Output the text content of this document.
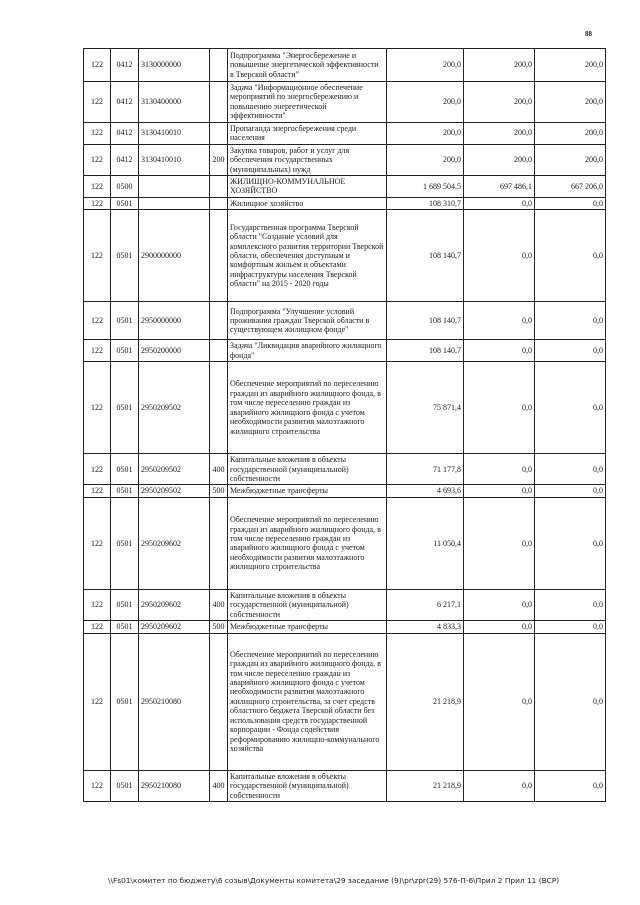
88
122	0412	3130000000		Подпрограмма "Энергосбережение и повышение энергетической эффективности в Тверской области"	200,0	200,0	200,0
122	0412	3130400000		Задача "Информационное обеспечение мероприятий по энергосбережению и повышению энергетической эффективности"	200,0	200,0	200,0
122	0412	3130410010		Пропаганда энергосбережения среди населения	200,0	200,0	200,0
122	0412	3130410010	200	Закупка товаров, работ и услуг для обеспечения государственных (муниципальных) нужд	200,0	200,0	200,0
122	0500			ЖИЛИЩНО-КОММУНАЛЬНОЕ ХОЗЯЙСТВО	1 689 504,5	697 486,1	667 206,0
122	0501			Жилищное хозяйство	108 310,7	0,0	0,0
122	0501	2900000000		Государственная программа Тверской области "Создание условий для комплексного развития территории Тверской области, обеспечения доступным и комфортным жильем и объектами инфраструктуры населения Тверской области" на 2015 - 2020 годы	108 140,7	0,0	0,0
122	0501	2950000000		Подпрограмма "Улучшение условий проживания граждан Тверской области в существующем жилищном фонде"	108 140,7	0,0	0,0
122	0501	2950200000		Задача "Ликвидация аварийного жилищного фонда"	108 140,7	0,0	0,0
122	0501	2950209502		Обеспечение мероприятий по переселению граждан из аварийного жилищного фонда, в том числе переселению граждан из аварийного жилищного фонда с учетом необходимости развития малоэтажного жилищного строительства	75 871,4	0,0	0,0
122	0501	2950209502	400	Капитальные вложения в объекты государственной (муниципальной) собственности	71 177,8	0,0	0,0
122	0501	2950209502	500	Межбюджетные трансферты	4 693,6	0,0	0,0
122	0501	2950209602		Обеспечение мероприятий по переселению граждан из аварийного жилищного фонда, в том числе переселению граждан из аварийного жилищного фонда с учетом необходимости развития малоэтажного жилищного строительства	11 050,4	0,0	0,0
122	0501	2950209602	400	Капитальные вложения в объекты государственной (муниципальной) собственности	6 217,1	0,0	0,0
122	0501	2950209602	500	Межбюджетные трансферты	4 833,3	0,0	0,0
122	0501	2950210080		Обеспечение мероприятий по переселению граждан из аварийного жилищного фонда, в том числе переселению граждан из аварийного жилищного фонда с учетом необходимости развития малоэтажного жилищного строительства, за счет средств областного бюджета Тверской области без использования средств государственной корпорации - Фонда содействия реформированию жилищно-коммунального хозяйства	21 218,9	0,0	0,0
122	0501	2950210080	400	Капитальные вложения в объекты государственной (муниципальной) собственности	21 218,9	0,0	0,0
\\Fs01\комитет по бюджету\6 созыв\Документы комитета\29 заседание (9)\pr\zpr(29) 576-П-6\Прил 2 Прил 11 (ВСР)
